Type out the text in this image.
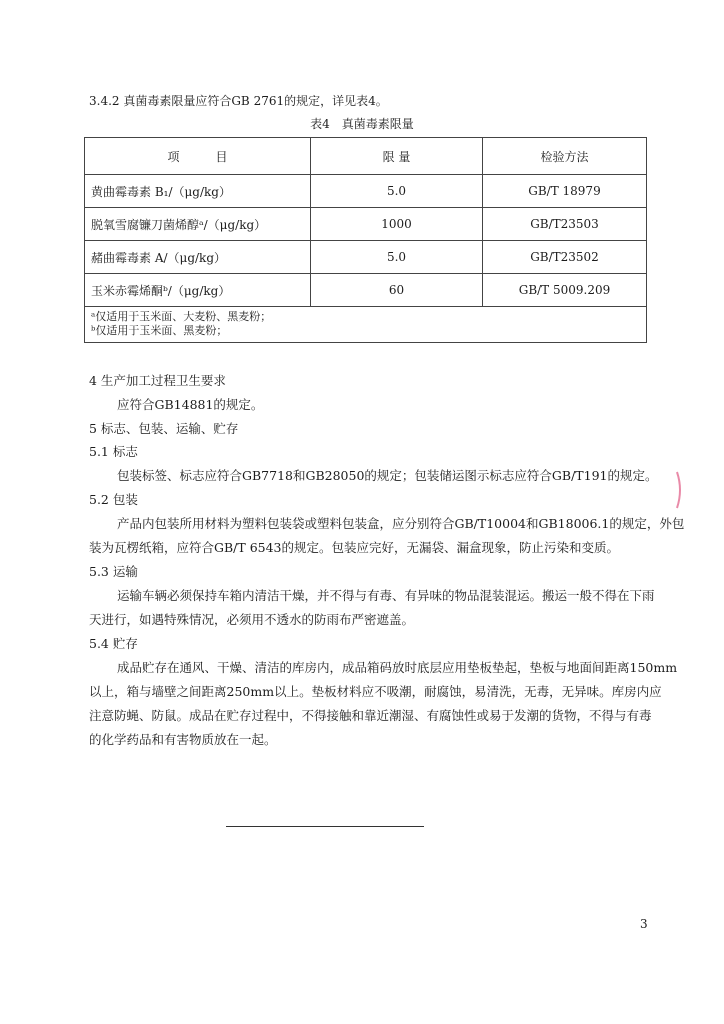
3.4.2 真菌毒素限量应符合GB 2761的规定，详见表4。
表4　真菌毒素限量
项　　　目	限 量	检验方法
黄曲霉毒素 B₁/（μg/kg）	5.0	GB/T 18979
脱氧雪腐镰刀菌烯醇ᵃ/（μg/kg）	1000	GB/T23503
赭曲霉毒素 A/（μg/kg）	5.0	GB/T23502
玉米赤霉烯酮ᵇ/（μg/kg）	60	GB/T 5009.209

ᵃ仅适用于玉米面、大麦粉、黑麦粉；
ᵇ仅适用于玉米面、黑麦粉；		
4 生产加工过程卫生要求
应符合GB14881的规定。
5 标志、包装、运输、贮存
5.1 标志
包装标签、标志应符合GB7718和GB28050的规定；包装储运图示标志应符合GB/T191的规定。
5.2 包装
产品内包装所用材料为塑料包装袋或塑料包装盒，应分别符合GB/T10004和GB18006.1的规定，外包
装为瓦楞纸箱，应符合GB/T 6543的规定。包装应完好，无漏袋、漏盒现象，防止污染和变质。
5.3 运输
运输车辆必须保持车箱内清洁干燥，并不得与有毒、有异味的物品混装混运。搬运一般不得在下雨
天进行，如遇特殊情况，必须用不透水的防雨布严密遮盖。
5.4 贮存
成品贮存在通风、干燥、清洁的库房内，成品箱码放时底层应用垫板垫起，垫板与地面间距离150mm
以上，箱与墙壁之间距离250mm以上。垫板材料应不吸潮，耐腐蚀，易清洗，无毒，无异味。库房内应
注意防蝇、防鼠。成品在贮存过程中，不得接触和靠近潮湿、有腐蚀性或易于发潮的货物，不得与有毒
的化学药品和有害物质放在一起。
3
